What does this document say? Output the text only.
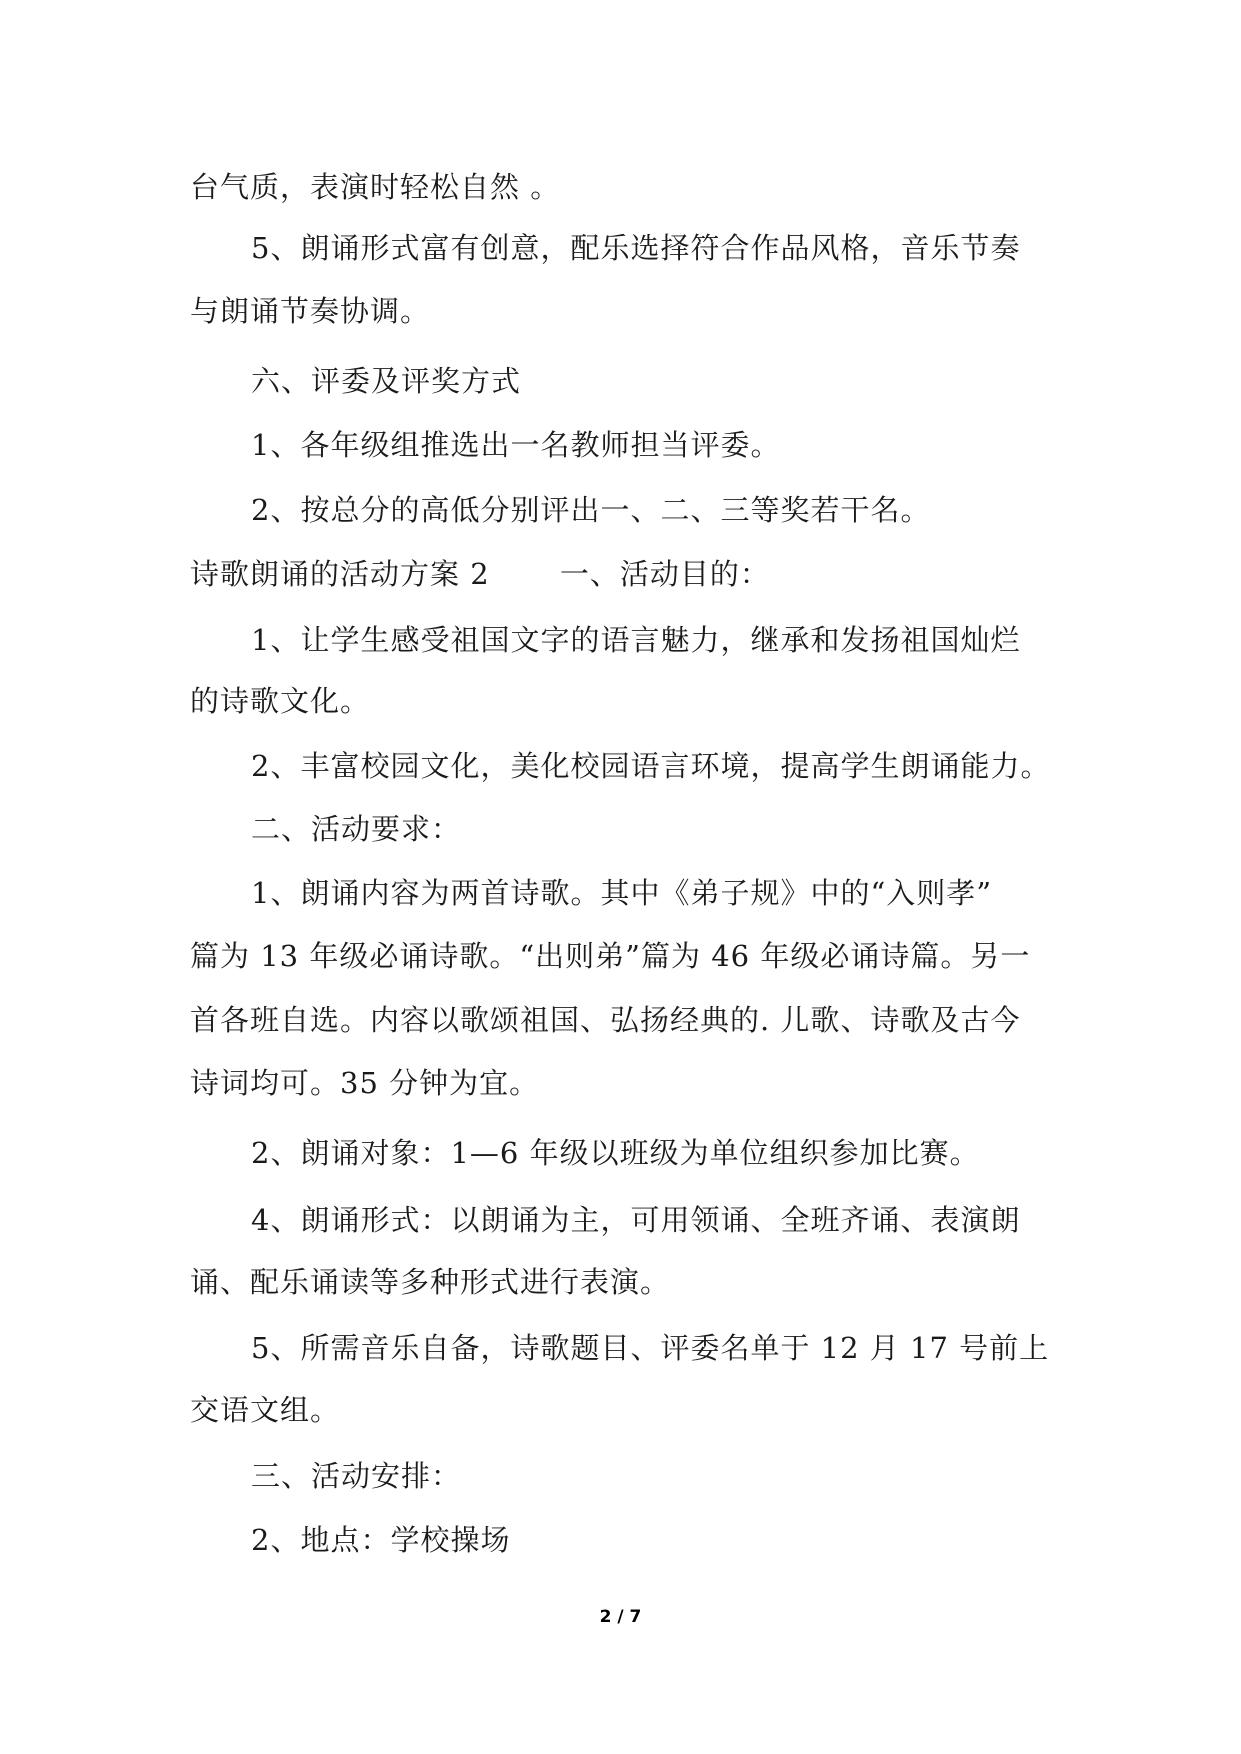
台气质，表演时轻松自然 。
5、朗诵形式富有创意，配乐选择符合作品风格，音乐节奏
与朗诵节奏协调。
六、评委及评奖方式
1、各年级组推选出一名教师担当评委。
2、按总分的高低分别评出一、二、三等奖若干名。
诗歌朗诵的活动方案 2 一、活动目的：
1、让学生感受祖国文字的语言魅力，继承和发扬祖国灿烂
的诗歌文化。
2、丰富校园文化，美化校园语言环境，提高学生朗诵能力。
二、活动要求：
1、朗诵内容为两首诗歌。其中《弟子规》中的“入则孝”
篇为 13 年级必诵诗歌。“出则弟”篇为 46 年级必诵诗篇。另一
首各班自选。内容以歌颂祖国、弘扬经典的. 儿歌、诗歌及古今
诗词均可。35 分钟为宜。
2、朗诵对象：1—6 年级以班级为单位组织参加比赛。
4、朗诵形式：以朗诵为主，可用领诵、全班齐诵、表演朗
诵、配乐诵读等多种形式进行表演。
5、所需音乐自备，诗歌题目、评委名单于 12 月 17 号前上
交语文组。
三、活动安排：
2、地点：学校操场
2 / 7
